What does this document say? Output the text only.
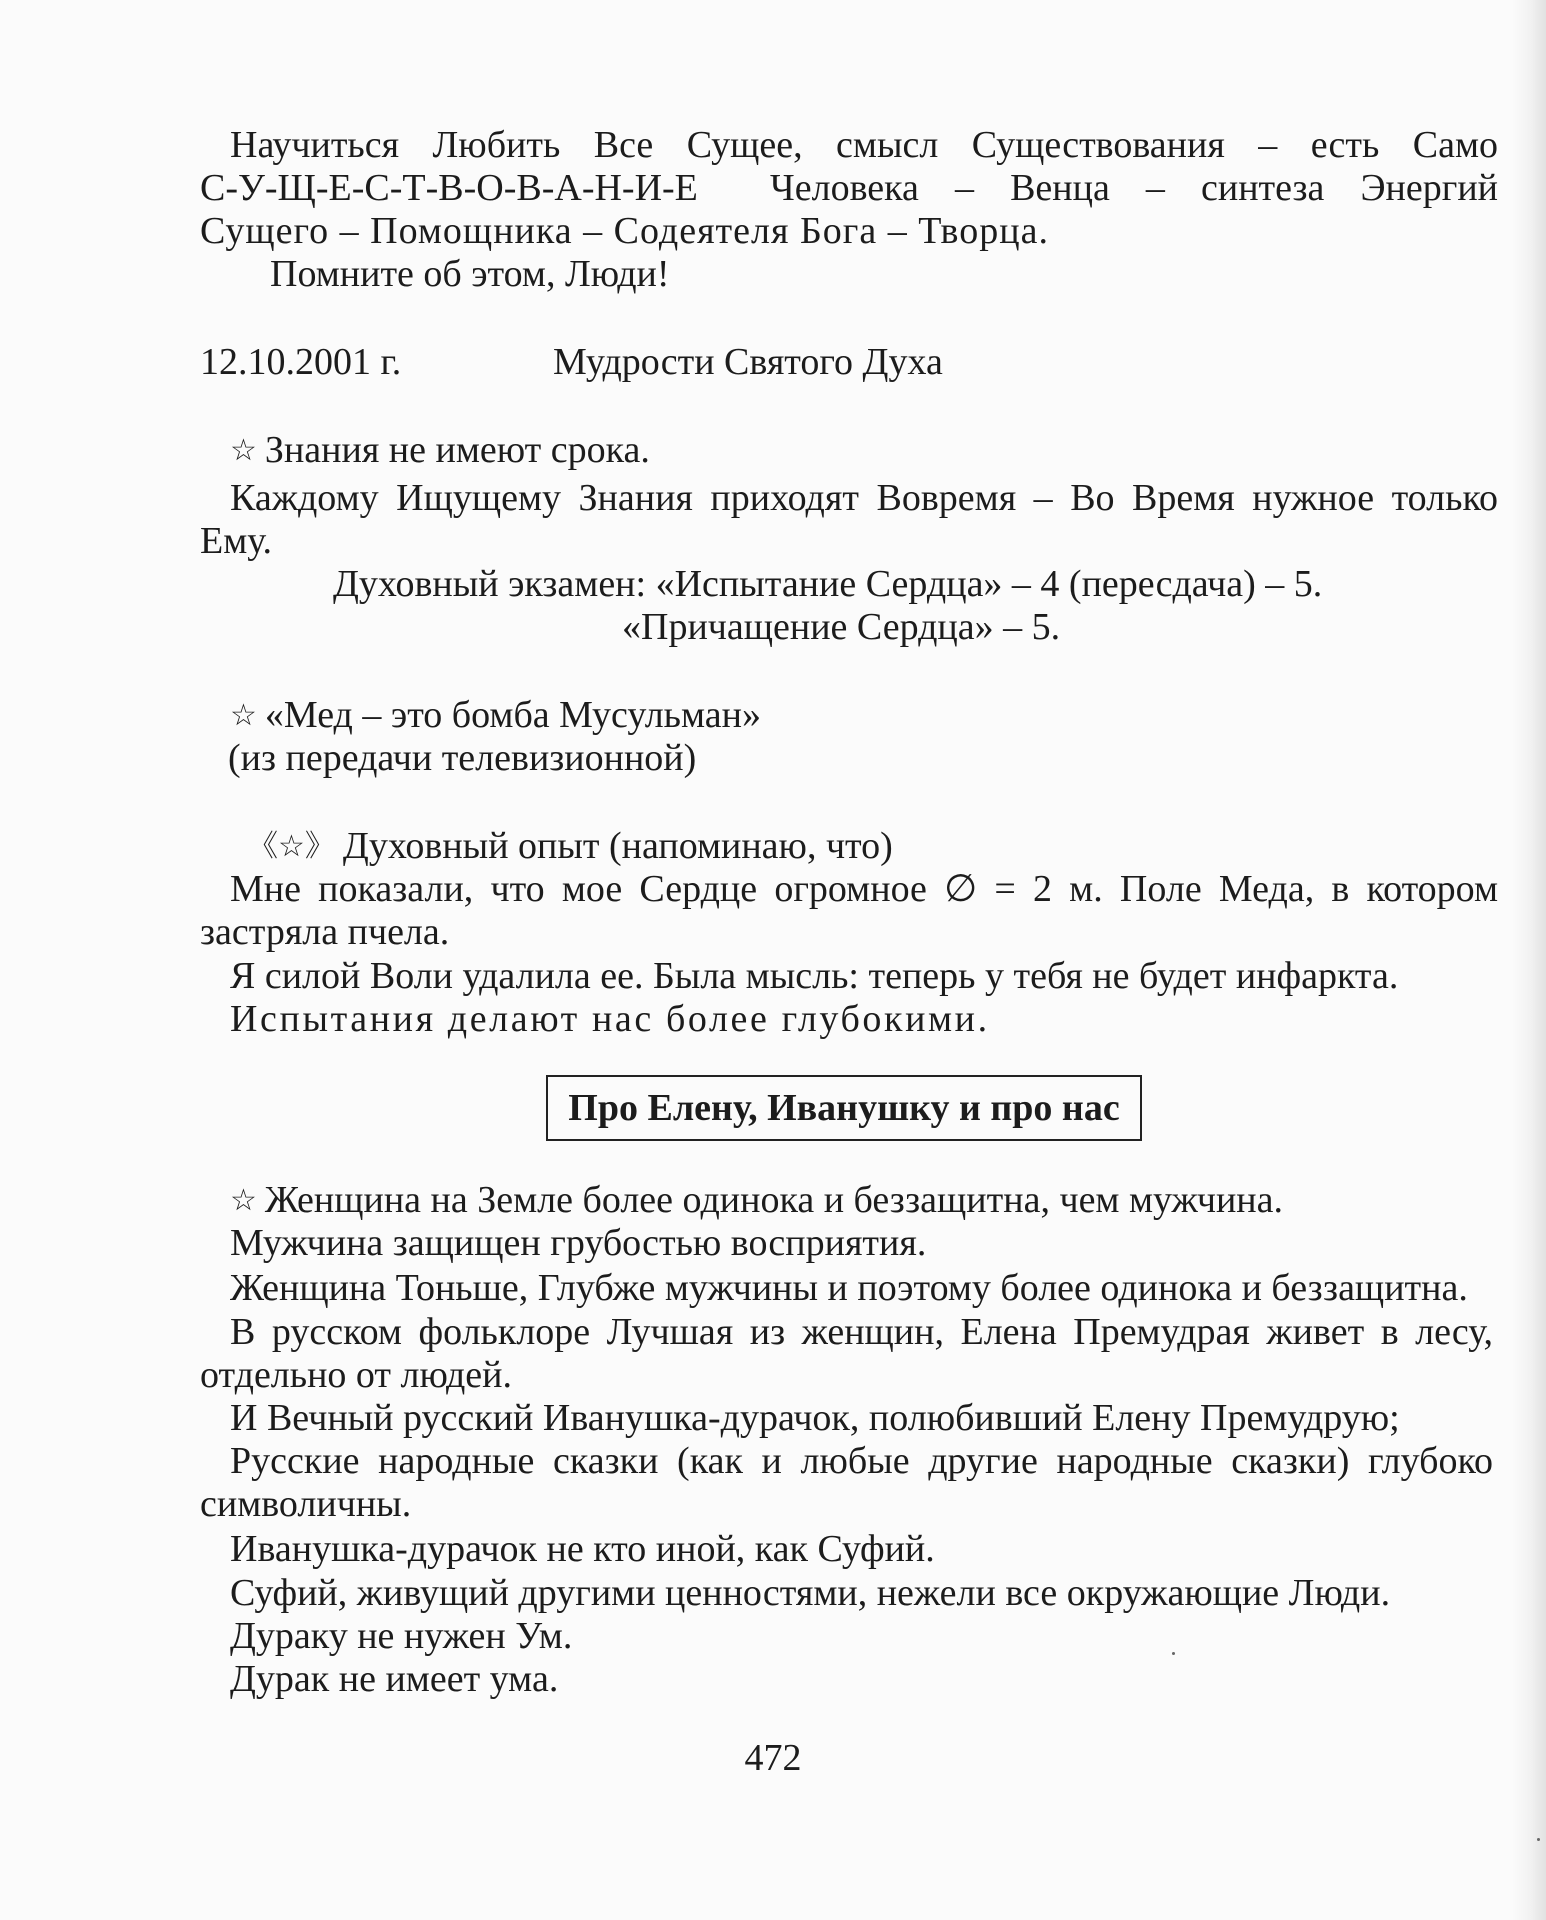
Научиться Любить Все Сущее, смысл Существования – есть Само
С-У-Щ-Е-С-Т-В-О-В-А-Н-И-Е  Человека – Венца – синтеза Энергий
Сущего – Помощника – Содеятеля Бога – Творца.
Помните об этом, Люди!
12.10.2001 г.	Мудрости Святого Духа
☆ Знания не имеют срока.
Каждому Ищущему Знания приходят Вовремя – Во Время нужное только
Ему.
Духовный экзамен: «Испытание Сердца» – 4 (пересдача) – 5.
«Причащение Сердца» – 5.
☆ «Мед – это бомба Мусульман»
(из передачи телевизионной)
《☆》 Духовный опыт (напоминаю, что)
Мне показали, что мое Сердце огромное ∅ = 2 м. Поле Меда, в котором
застряла пчела.
Я силой Воли удалила ее. Была мысль: теперь у тебя не будет инфаркта.
Испытания делают нас более глубокими.
Про Елену, Иванушку и про нас
☆ Женщина на Земле более одинока и беззащитна, чем мужчина.
Мужчина защищен грубостью восприятия.
Женщина Тоньше, Глубже мужчины и поэтому более одинока и беззащитна.
В русском фольклоре Лучшая из женщин, Елена Премудрая живет в лесу,
отдельно от людей.
И Вечный русский Иванушка-дурачок, полюбивший Елену Премудрую;
Русские народные сказки (как и любые другие народные сказки) глубоко
символичны.
Иванушка-дурачок не кто иной, как Суфий.
Суфий, живущий другими ценностями, нежели все окружающие Люди.
Дураку не нужен Ум.
Дурак не имеет ума.
472
